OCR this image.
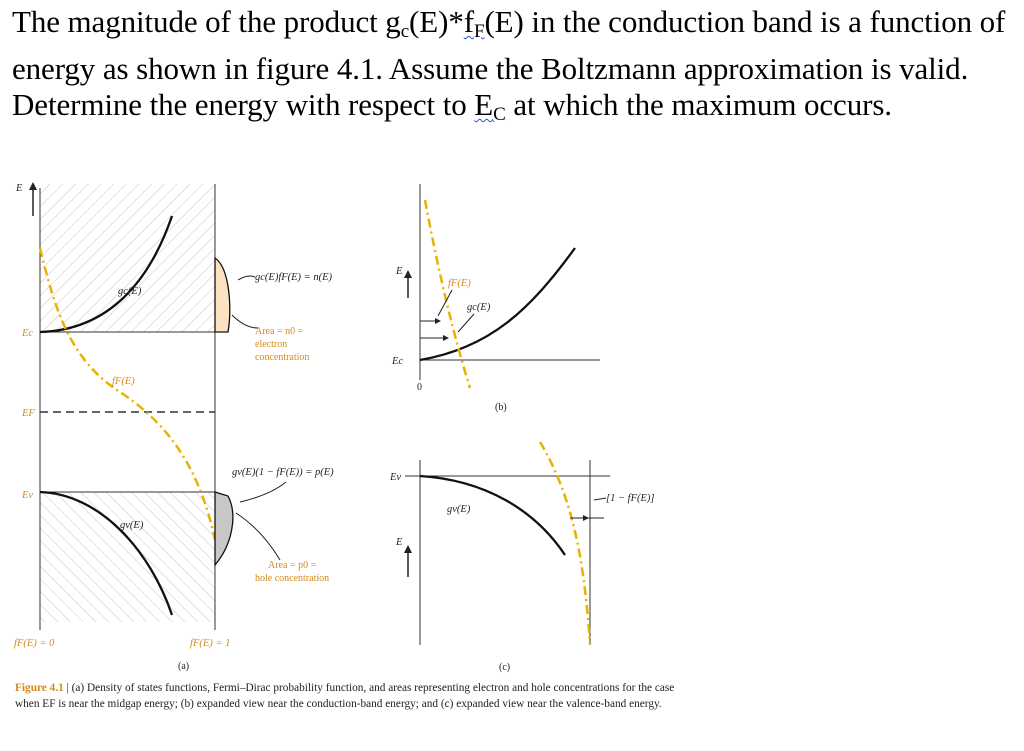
The magnitude of the product $g_c(E)*f_F(E)$ in the conduction band is a function of energy as shown in figure 4.1. Assume the Boltzmann approximation is valid. Determine the energy with respect to $E_C$ at which the maximum occurs.
E
Ec
EF
Ev
gc(E)
gv(E)
fF(E)
gc(E)fF(E) = n(E)
Area = n0 =
electron
concentration
gv(E)(1 − fF(E)) = p(E)
Area = p0 =
hole concentration
fF(E) = 0	fF(E) = 1
(a)
E
Ec
0
fF(E)
gc(E)
(b)
Ev
E
gv(E)
[1 − fF(E)]
(c)
Figure 4.1 | (a) Density of states functions, Fermi–Dirac probability function, and areas representing electron and hole concentrations for the case when EF is near the midgap energy; (b) expanded view near the conduction-band energy; and (c) expanded view near the valence-band energy.
